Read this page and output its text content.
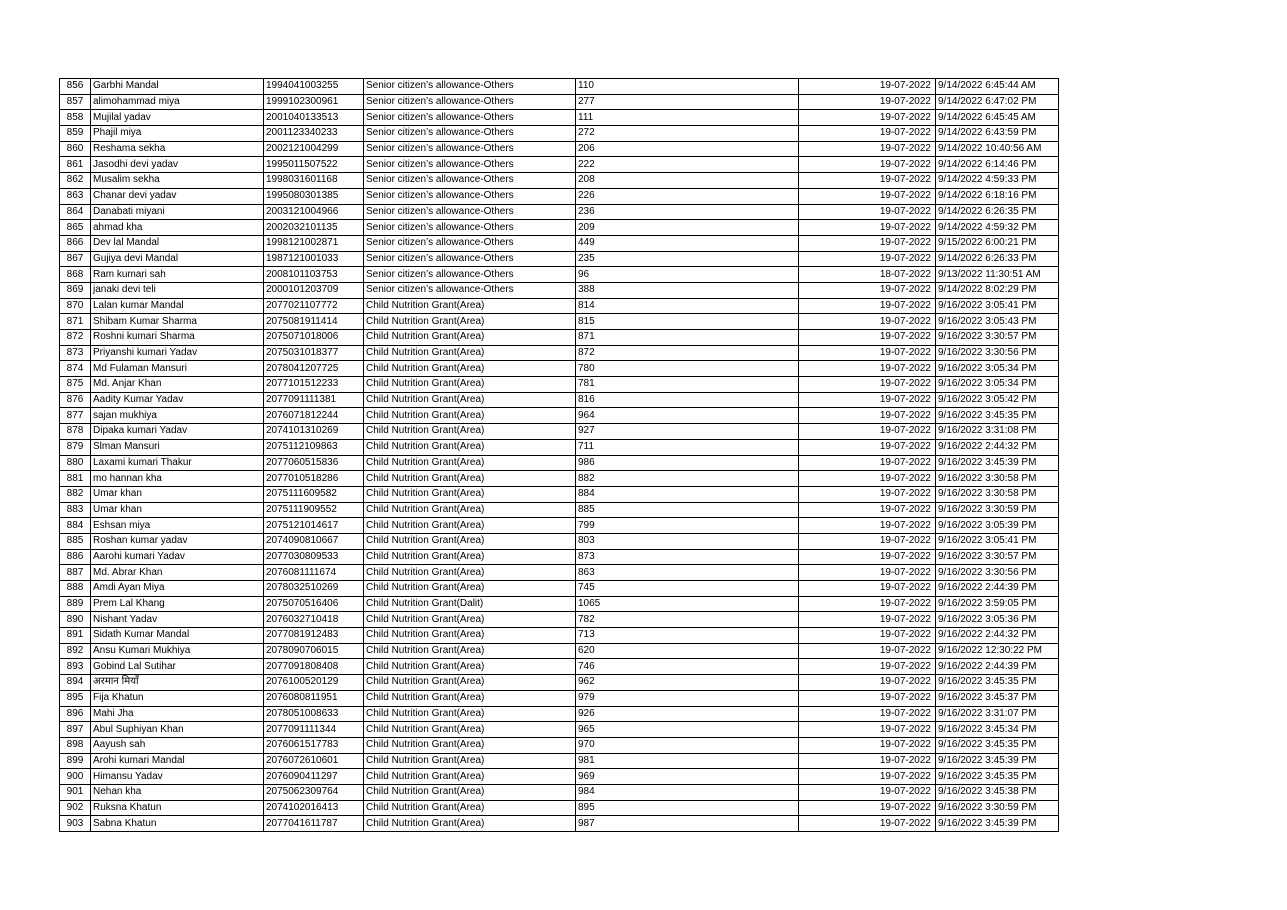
856	Garbhi Mandal	1994041003255	Senior citizen’s allowance-Others	110	19-07-2022	9/14/2022 6:45:44 AM
857	alimohammad miya	1999102300961	Senior citizen’s allowance-Others	277	19-07-2022	9/14/2022 6:47:02 PM
858	Mujilal yadav	2001040133513	Senior citizen’s allowance-Others	111	19-07-2022	9/14/2022 6:45:45 AM
859	Phajil miya	2001123340233	Senior citizen’s allowance-Others	272	19-07-2022	9/14/2022 6:43:59 PM
860	Reshama sekha	2002121004299	Senior citizen’s allowance-Others	206	19-07-2022	9/14/2022 10:40:56 AM
861	Jasodhi devi yadav	1995011507522	Senior citizen’s allowance-Others	222	19-07-2022	9/14/2022 6:14:46 PM
862	Musalim sekha	1998031601168	Senior citizen’s allowance-Others	208	19-07-2022	9/14/2022 4:59:33 PM
863	Chanar devi yadav	1995080301385	Senior citizen’s allowance-Others	226	19-07-2022	9/14/2022 6:18:16 PM
864	Danabati miyani	2003121004966	Senior citizen’s allowance-Others	236	19-07-2022	9/14/2022 6:26:35 PM
865	ahmad kha	2002032101135	Senior citizen’s allowance-Others	209	19-07-2022	9/14/2022 4:59:32 PM
866	Dev lal Mandal	1998121002871	Senior citizen’s allowance-Others	449	19-07-2022	9/15/2022 6:00:21 PM
867	Gujiya devi Mandal	1987121001033	Senior citizen’s allowance-Others	235	19-07-2022	9/14/2022 6:26:33 PM
868	Ram kumari sah	2008101103753	Senior citizen’s allowance-Others	96	18-07-2022	9/13/2022 11:30:51 AM
869	janaki devi teli	2000101203709	Senior citizen’s allowance-Others	388	19-07-2022	9/14/2022 8:02:29 PM
870	Lalan kumar Mandal	2077021107772	Child Nutrition Grant(Area)	814	19-07-2022	9/16/2022 3:05:41 PM
871	Shibam Kumar Sharma	2075081911414	Child Nutrition Grant(Area)	815	19-07-2022	9/16/2022 3:05:43 PM
872	Roshni kumari Sharma	2075071018006	Child Nutrition Grant(Area)	871	19-07-2022	9/16/2022 3:30:57 PM
873	Priyanshi kumari Yadav	2075031018377	Child Nutrition Grant(Area)	872	19-07-2022	9/16/2022 3:30:56 PM
874	Md Fulaman Mansuri	2078041207725	Child Nutrition Grant(Area)	780	19-07-2022	9/16/2022 3:05:34 PM
875	Md. Anjar Khan	2077101512233	Child Nutrition Grant(Area)	781	19-07-2022	9/16/2022 3:05:34 PM
876	Aadity Kumar Yadav	2077091111381	Child Nutrition Grant(Area)	816	19-07-2022	9/16/2022 3:05:42 PM
877	sajan mukhiya	2076071812244	Child Nutrition Grant(Area)	964	19-07-2022	9/16/2022 3:45:35 PM
878	Dipaka kumari Yadav	2074101310269	Child Nutrition Grant(Area)	927	19-07-2022	9/16/2022 3:31:08 PM
879	Slman Mansuri	2075112109863	Child Nutrition Grant(Area)	711	19-07-2022	9/16/2022 2:44:32 PM
880	Laxami kumari Thakur	2077060515836	Child Nutrition Grant(Area)	986	19-07-2022	9/16/2022 3:45:39 PM
881	mo hannan kha	2077010518286	Child Nutrition Grant(Area)	882	19-07-2022	9/16/2022 3:30:58 PM
882	Umar khan	2075111609582	Child Nutrition Grant(Area)	884	19-07-2022	9/16/2022 3:30:58 PM
883	Umar khan	2075111909552	Child Nutrition Grant(Area)	885	19-07-2022	9/16/2022 3:30:59 PM
884	Eshsan miya	2075121014617	Child Nutrition Grant(Area)	799	19-07-2022	9/16/2022 3:05:39 PM
885	Roshan kumar yadav	2074090810667	Child Nutrition Grant(Area)	803	19-07-2022	9/16/2022 3:05:41 PM
886	Aarohi kumari Yadav	2077030809533	Child Nutrition Grant(Area)	873	19-07-2022	9/16/2022 3:30:57 PM
887	Md. Abrar Khan	2076081111674	Child Nutrition Grant(Area)	863	19-07-2022	9/16/2022 3:30:56 PM
888	Amdi Ayan Miya	2078032510269	Child Nutrition Grant(Area)	745	19-07-2022	9/16/2022 2:44:39 PM
889	Prem Lal Khang	2075070516406	Child Nutrition Grant(Dalit)	1065	19-07-2022	9/16/2022 3:59:05 PM
890	Nishant Yadav	2076032710418	Child Nutrition Grant(Area)	782	19-07-2022	9/16/2022 3:05:36 PM
891	Sidath Kumar Mandal	2077081912483	Child Nutrition Grant(Area)	713	19-07-2022	9/16/2022 2:44:32 PM
892	Ansu Kumari Mukhiya	2078090706015	Child Nutrition Grant(Area)	620	19-07-2022	9/16/2022 12:30:22 PM
893	Gobind Lal Sutihar	2077091808408	Child Nutrition Grant(Area)	746	19-07-2022	9/16/2022 2:44:39 PM
894	अरमान मियाँ	2076100520129	Child Nutrition Grant(Area)	962	19-07-2022	9/16/2022 3:45:35 PM
895	Fija Khatun	2076080811951	Child Nutrition Grant(Area)	979	19-07-2022	9/16/2022 3:45:37 PM
896	Mahi Jha	2078051008633	Child Nutrition Grant(Area)	926	19-07-2022	9/16/2022 3:31:07 PM
897	Abul Suphiyan Khan	2077091111344	Child Nutrition Grant(Area)	965	19-07-2022	9/16/2022 3:45:34 PM
898	Aayush sah	2076061517783	Child Nutrition Grant(Area)	970	19-07-2022	9/16/2022 3:45:35 PM
899	Arohi kumari Mandal	2076072610601	Child Nutrition Grant(Area)	981	19-07-2022	9/16/2022 3:45:39 PM
900	Himansu Yadav	2076090411297	Child Nutrition Grant(Area)	969	19-07-2022	9/16/2022 3:45:35 PM
901	Nehan kha	2075062309764	Child Nutrition Grant(Area)	984	19-07-2022	9/16/2022 3:45:38 PM
902	Ruksna Khatun	2074102016413	Child Nutrition Grant(Area)	895	19-07-2022	9/16/2022 3:30:59 PM
903	Sabna Khatun	2077041611787	Child Nutrition Grant(Area)	987	19-07-2022	9/16/2022 3:45:39 PM
